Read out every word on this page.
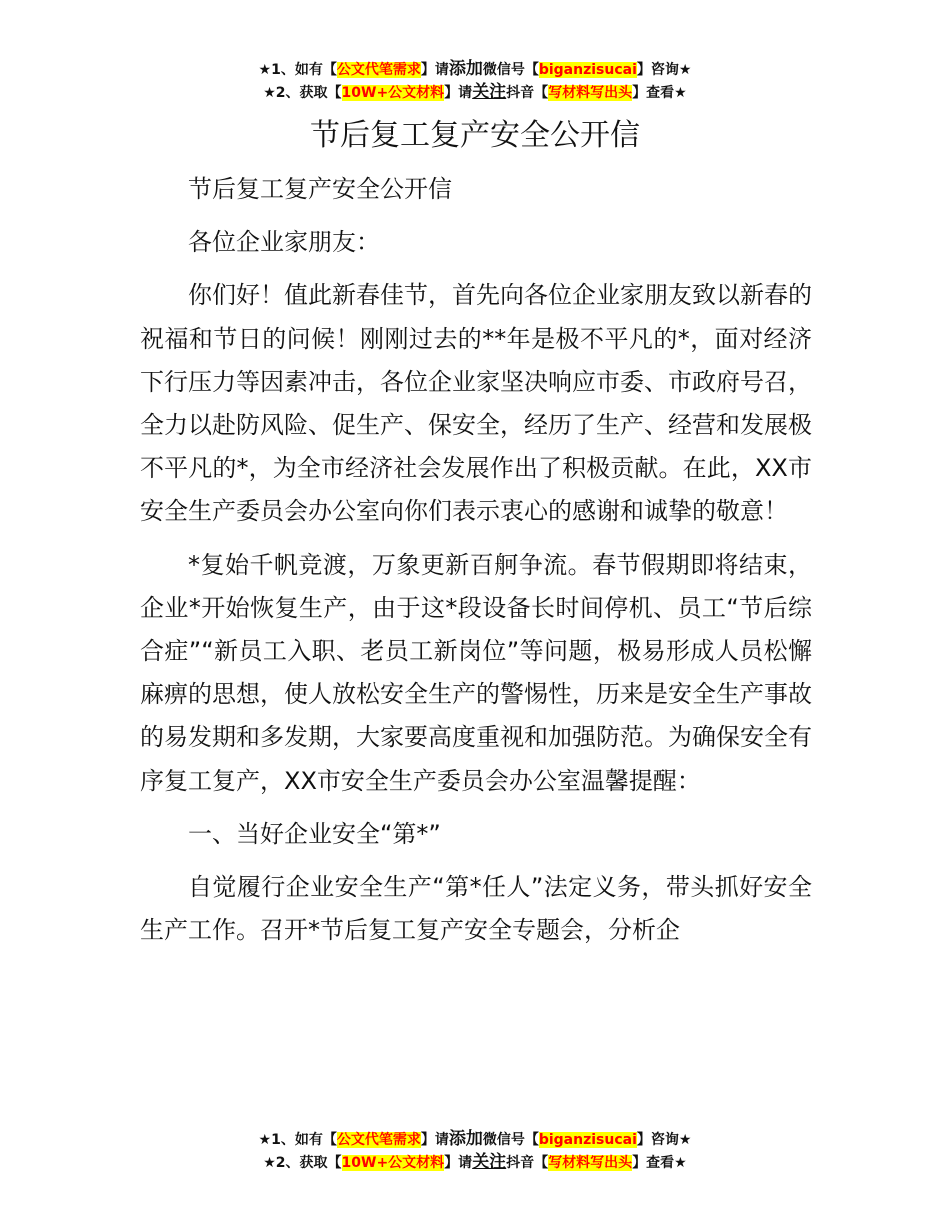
★1、如有【公文代笔需求】请添加微信号【biganzisucai】咨询★
★2、获取【10W+公文材料】请关注抖音【写材料写出头】查看★
节后复工复产安全公开信

节后复工复产安全公开信

各位企业家朋友：

你们好！值此新春佳节，首先向各位企业家朋友致以新春的祝福和节日的问候！刚刚过去的**年是极不平凡的*，面对经济下行压力等因素冲击，各位企业家坚决响应市委、市政府号召，全力以赴防风险、促生产、保安全，经历了生产、经营和发展极不平凡的*，为全市经济社会发展作出了积极贡献。在此，XX市安全生产委员会办公室向你们表示衷心的感谢和诚挚的敬意！

*复始千帆竞渡，万象更新百舸争流。春节假期即将结束，企业*开始恢复生产，由于这*段设备长时间停机、员工“节后综合症”“新员工入职、老员工新岗位”等问题，极易形成人员松懈麻痹的思想，使人放松安全生产的警惕性，历来是安全生产事故的易发期和多发期，大家要高度重视和加强防范。为确保安全有序复工复产，XX市安全生产委员会办公室温馨提醒：

一、当好企业安全“第*”

自觉履行企业安全生产“第*任人”法定义务，带头抓好安全生产工作。召开*节后复工复产安全专题会，分析企

★1、如有【公文代笔需求】请添加微信号【biganzisucai】咨询★
★2、获取【10W+公文材料】请关注抖音【写材料写出头】查看★
